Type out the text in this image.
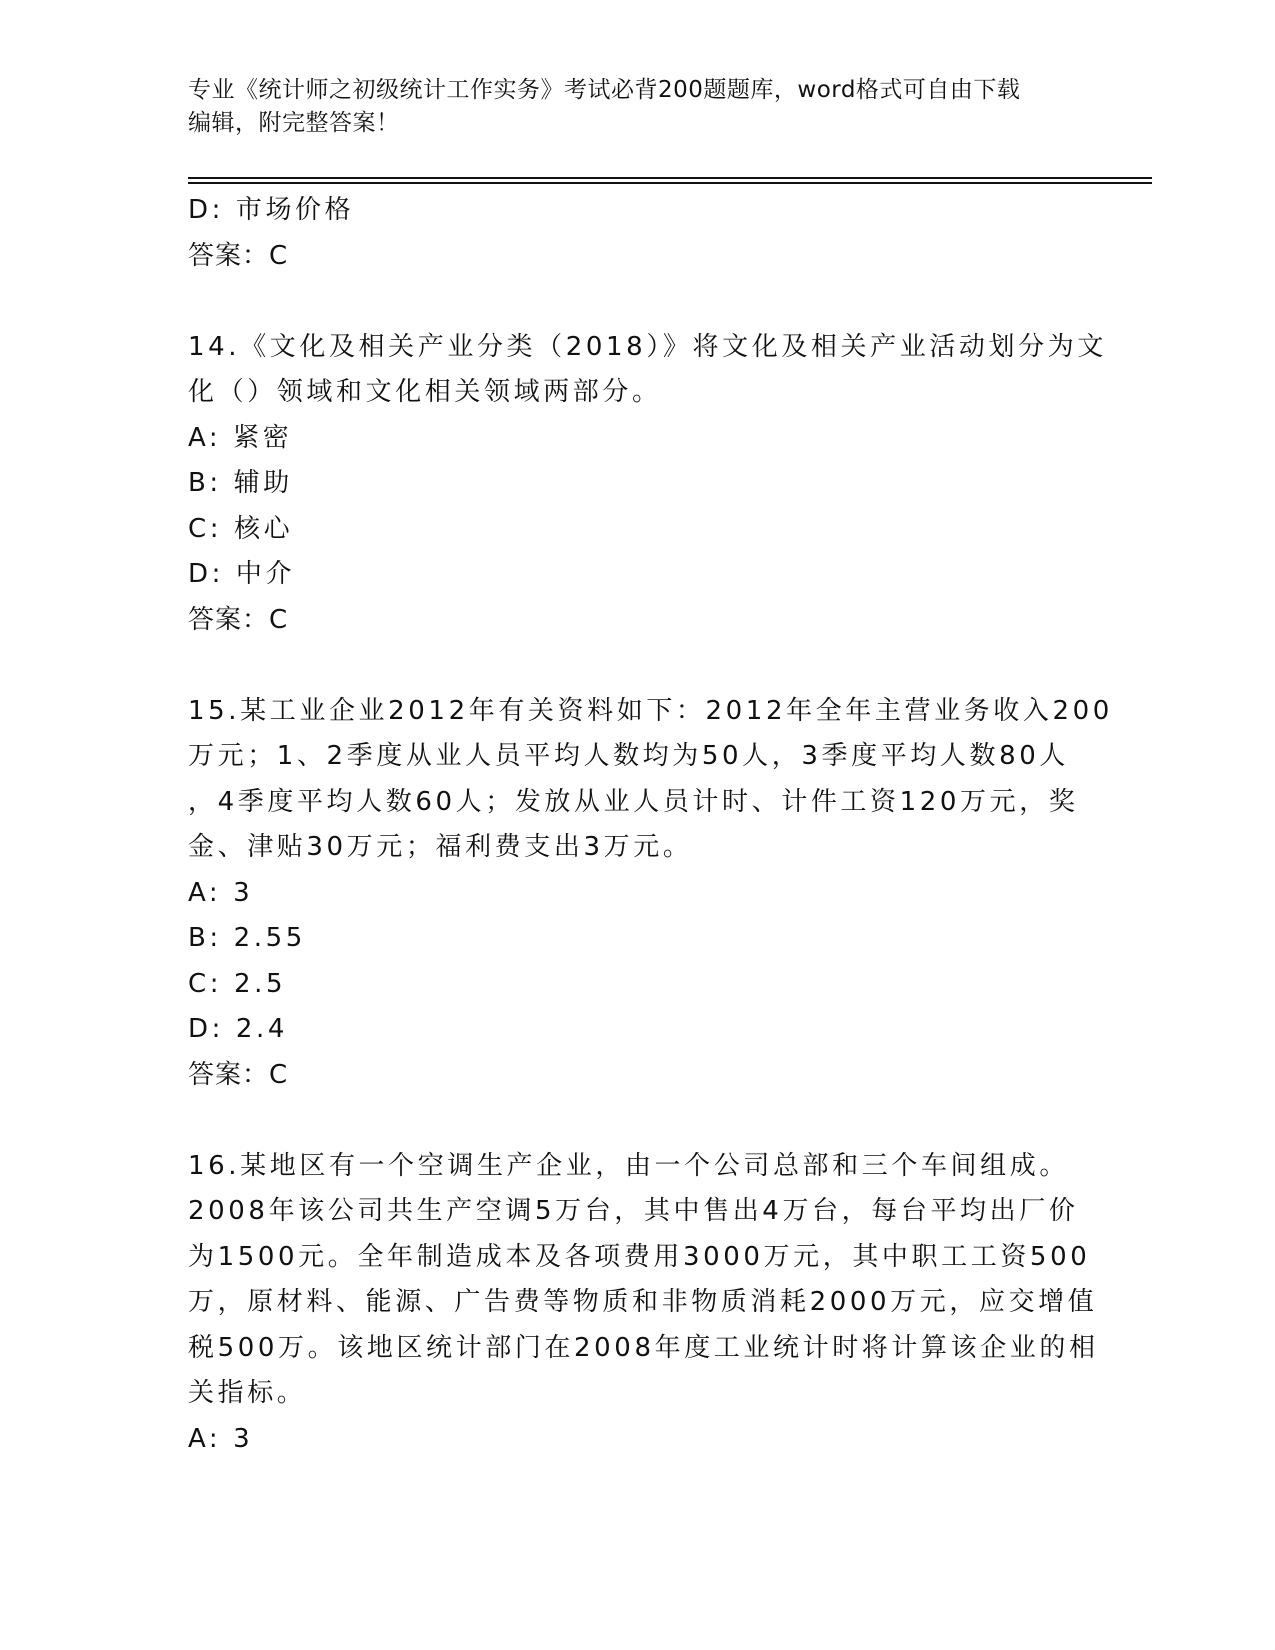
专业《统计师之初级统计工作实务》考试必背200题题库，word格式可自由下载
编辑，附完整答案！
D: 市场价格
答案：C
14.《文化及相关产业分类（2018）》将文化及相关产业活动划分为文
化（）领域和文化相关领域两部分。
A: 紧密
B: 辅助
C: 核心
D: 中介
答案：C
15.某工业企业2012年有关资料如下：2012年全年主营业务收入200
万元；1、2季度从业人员平均人数均为50人，3季度平均人数80人
，4季度平均人数60人；发放从业人员计时、计件工资120万元，奖
金、津贴30万元；福利费支出3万元。
A: 3
B: 2.55
C: 2.5
D: 2.4
答案：C
16.某地区有一个空调生产企业，由一个公司总部和三个车间组成。
2008年该公司共生产空调5万台，其中售出4万台，每台平均出厂价
为1500元。全年制造成本及各项费用3000万元，其中职工工资500
万，原材料、能源、广告费等物质和非物质消耗2000万元，应交增值
税500万。该地区统计部门在2008年度工业统计时将计算该企业的相
关指标。
A: 3
